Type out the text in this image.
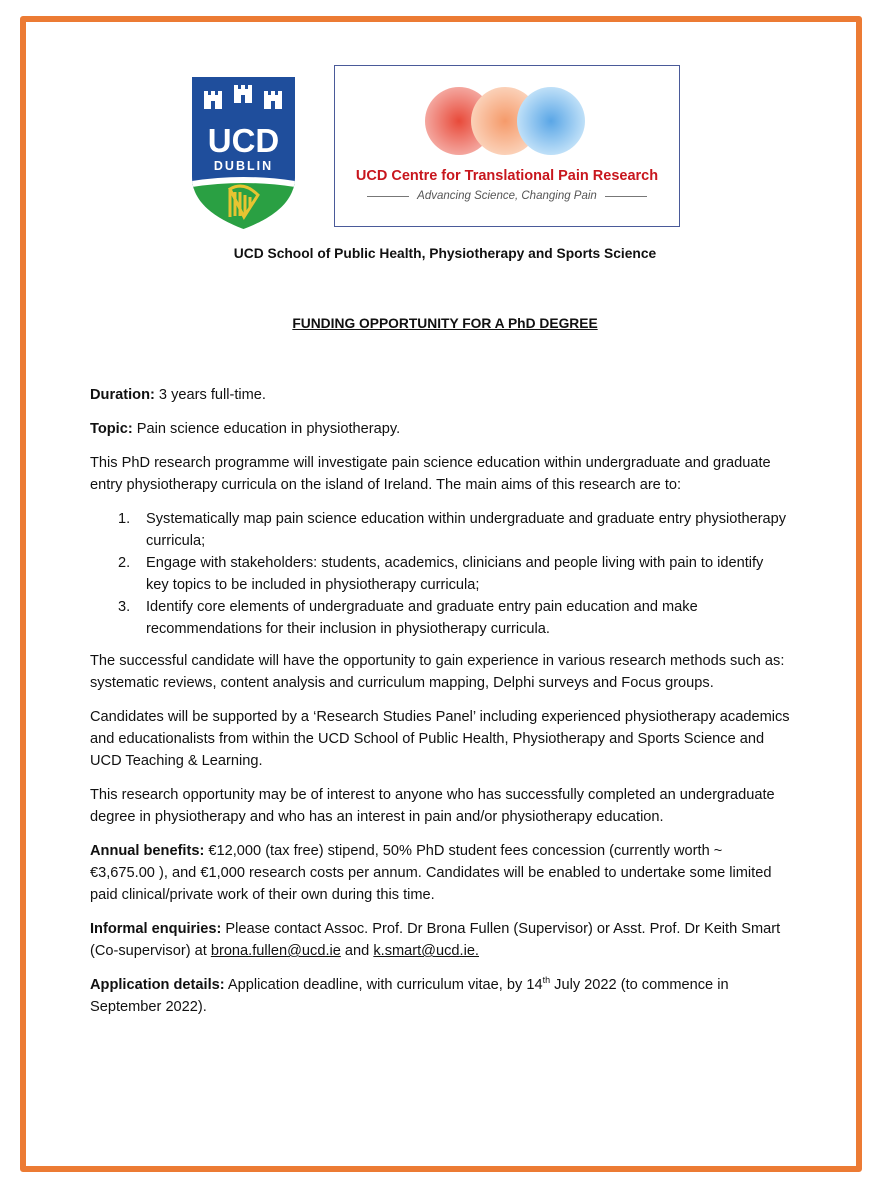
UCD
DUBLIN
UCD Centre for Translational Pain Research
Advancing Science, Changing Pain
UCD School of Public Health, Physiotherapy and Sports Science
FUNDING OPPORTUNITY FOR A PhD DEGREE

Duration: 3 years full-time.

Topic: Pain science education in physiotherapy.

This PhD research programme will investigate pain science education within undergraduate and graduate entry physiotherapy curricula on the island of Ireland. The main aims of this research are to:

1. Systematically map pain science education within undergraduate and graduate entry physiotherapy curricula;
2. Engage with stakeholders: students, academics, clinicians and people living with pain to identify key topics to be included in physiotherapy curricula;
3. Identify core elements of undergraduate and graduate entry pain education and make recommendations for their inclusion in physiotherapy curricula.

The successful candidate will have the opportunity to gain experience in various research methods such as: systematic reviews, content analysis and curriculum mapping, Delphi surveys and Focus groups.

Candidates will be supported by a ‘Research Studies Panel’ including experienced physiotherapy academics and educationalists from within the UCD School of Public Health, Physiotherapy and Sports Science and UCD Teaching & Learning.

This research opportunity may be of interest to anyone who has successfully completed an undergraduate degree in physiotherapy and who has an interest in pain and/or physiotherapy education.

Annual benefits: €12,000 (tax free) stipend, 50% PhD student fees concession (currently worth ~ €3,675.00 ), and €1,000 research costs per annum. Candidates will be enabled to undertake some limited paid clinical/private work of their own during this time.

Informal enquiries: Please contact Assoc. Prof. Dr Brona Fullen (Supervisor) or Asst. Prof. Dr Keith Smart (Co-supervisor) at brona.fullen@ucd.ie and k.smart@ucd.ie.

Application details: Application deadline, with curriculum vitae, by 14th July 2022 (to commence in September 2022).
